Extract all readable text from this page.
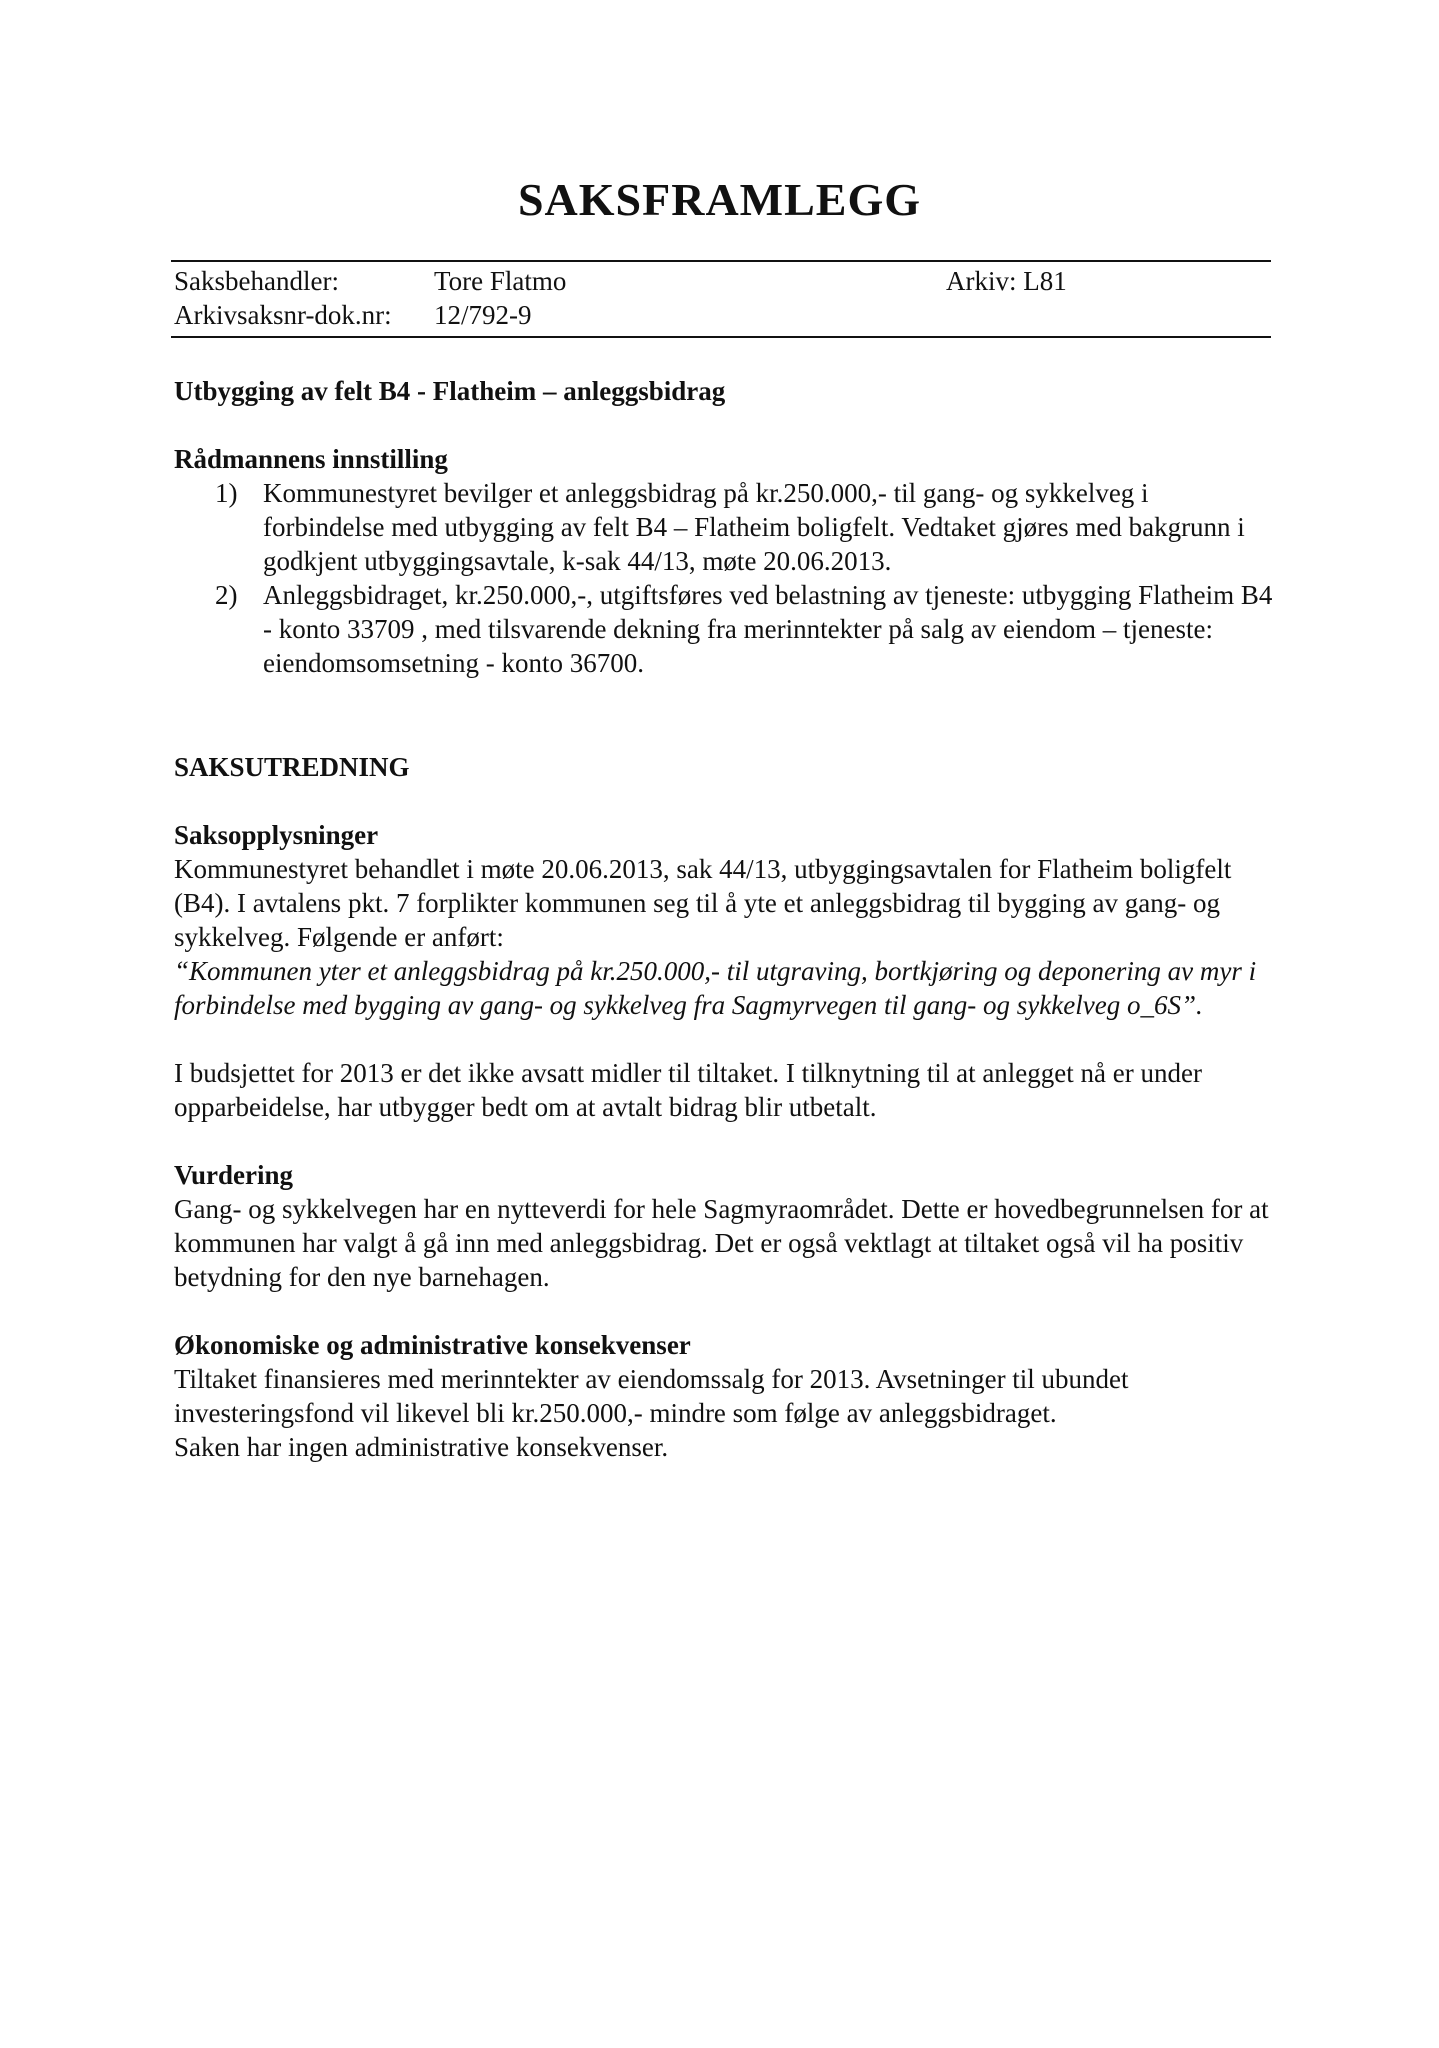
SAKSFRAMLEGG
Saksbehandler:	Tore Flatmo	Arkiv: L81
Arkivsaksnr-dok.nr: 12/792-9

Utbygging av felt B4 - Flatheim – anleggsbidrag

Rådmannens innstilling

1) Kommunestyret bevilger et anleggsbidrag på kr.250.000,- til gang- og sykkelveg i forbindelse med utbygging av felt B4 – Flatheim boligfelt. Vedtaket gjøres med bakgrunn i godkjent utbyggingsavtale, k-sak 44/13, møte 20.06.2013.
2) Anleggsbidraget, kr.250.000,-, utgiftsføres ved belastning av tjeneste: utbygging Flatheim B4 - konto 33709 , med tilsvarende dekning fra merinntekter på salg av eiendom – tjeneste: eiendomsomsetning - konto 36700.

SAKSUTREDNING

Saksopplysninger

Kommunestyret behandlet i møte 20.06.2013, sak 44/13, utbyggingsavtalen for Flatheim boligfelt (B4). I avtalens pkt. 7 forplikter kommunen seg til å yte et anleggsbidrag til bygging av gang- og sykkelveg. Følgende er anført:

“Kommunen yter et anleggsbidrag på kr.250.000,- til utgraving, bortkjøring og deponering av myr i forbindelse med bygging av gang- og sykkelveg fra Sagmyrvegen til gang- og sykkelveg o_6S”.

I budsjettet for 2013 er det ikke avsatt midler til tiltaket. I tilknytning til at anlegget nå er under opparbeidelse, har utbygger bedt om at avtalt bidrag blir utbetalt.

Vurdering

Gang- og sykkelvegen har en nytteverdi for hele Sagmyraområdet. Dette er hovedbegrunnelsen for at kommunen har valgt å gå inn med anleggsbidrag. Det er også vektlagt at tiltaket også vil ha positiv betydning for den nye barnehagen.

Økonomiske og administrative konsekvenser

Tiltaket finansieres med merinntekter av eiendomssalg for 2013. Avsetninger til ubundet investeringsfond vil likevel bli kr.250.000,- mindre som følge av anleggsbidraget.

Saken har ingen administrative konsekvenser.
